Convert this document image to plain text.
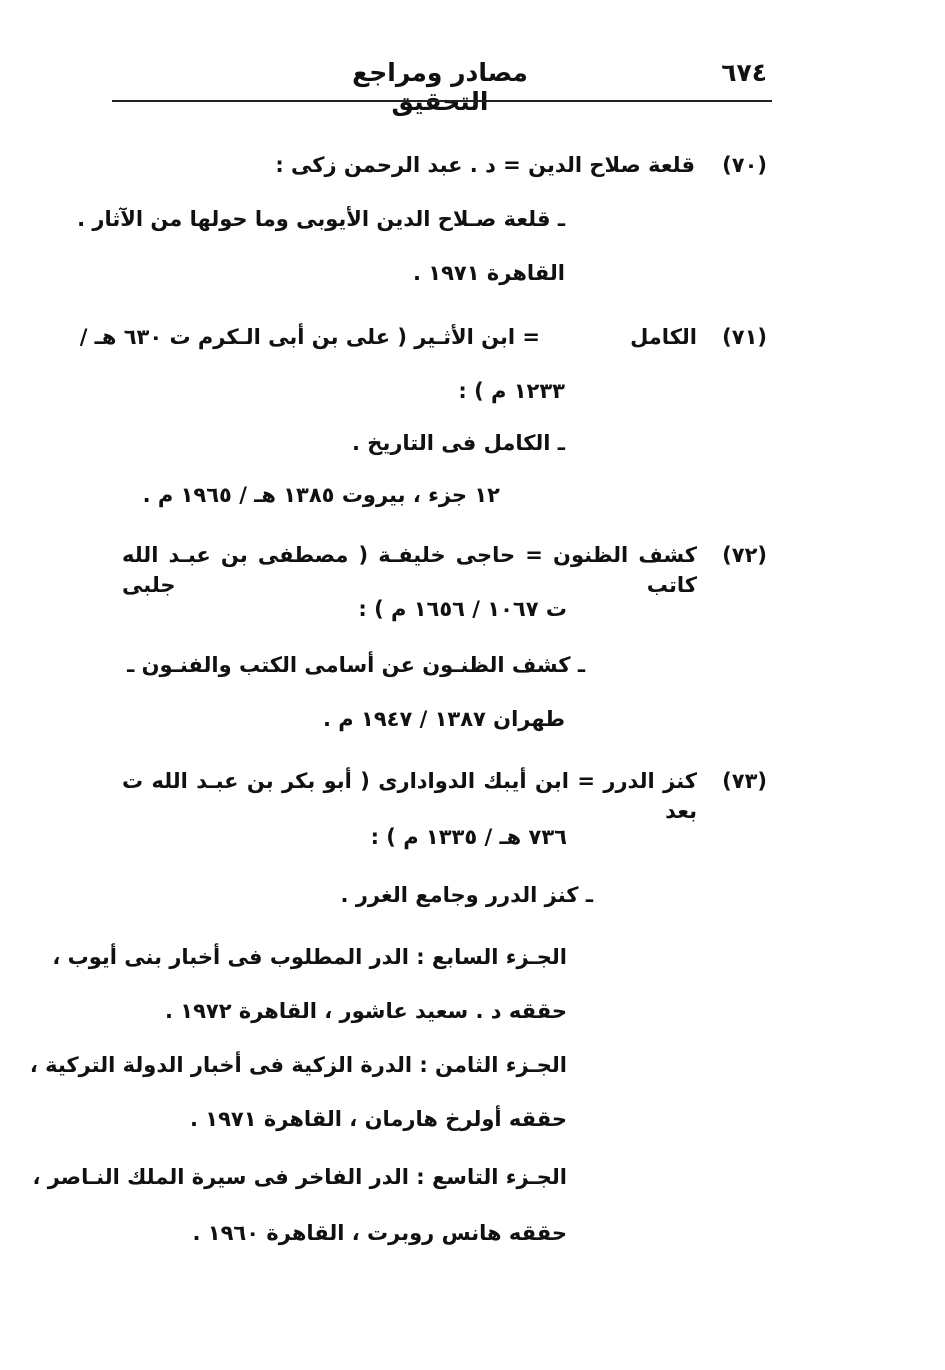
٦٧٤
مصادر ومراجع التحقيق
(٧٠)
قلعة صلاح الدين = د . عبد الرحمن زكى :
ـ قلعة صـلاح الدين الأيوبى وما حولها من الآثار .
القاهرة ١٩٧١ .
(٧١)
الكامل
= ابن الأثـير ( على بن أبى الـكرم ت ٦٣٠ هـ /
١٢٣٣ م ) :
ـ الكامل فى التاريخ .
١٢ جزء ، بيروت ١٣٨٥ هـ / ١٩٦٥ م .
(٧٢)
كشف الظنون = حاجى خليفـة ( مصطفى بن عبـد الله كاتب جلبى
ت ١٠٦٧ / ١٦٥٦ م ) :
ـ كشف الظنـون عن أسامى الكتب والفنـون ـ
طهران ١٣٨٧ / ١٩٤٧ م .
(٧٣)
كنز الدرر = ابن أيبك الدوادارى ( أبو بكر بن عبـد الله ت بعد
٧٣٦ هـ / ١٣٣٥ م ) :
ـ كنز الدرر وجامع الغرر .
الجـزء السابع : الدر المطلوب فى أخبار بنى أيوب ،
حققه د . سعيد عاشور ، القاهرة ١٩٧٢ .
الجـزء الثامن : الدرة الزكية فى أخبار الدولة التركية ،
حققه أولرخ هارمان ، القاهرة ١٩٧١ .
الجـزء التاسع : الدر الفاخر فى سيرة الملك النـاصر ،
حققه هانس روبرت ، القاهرة ١٩٦٠ .
